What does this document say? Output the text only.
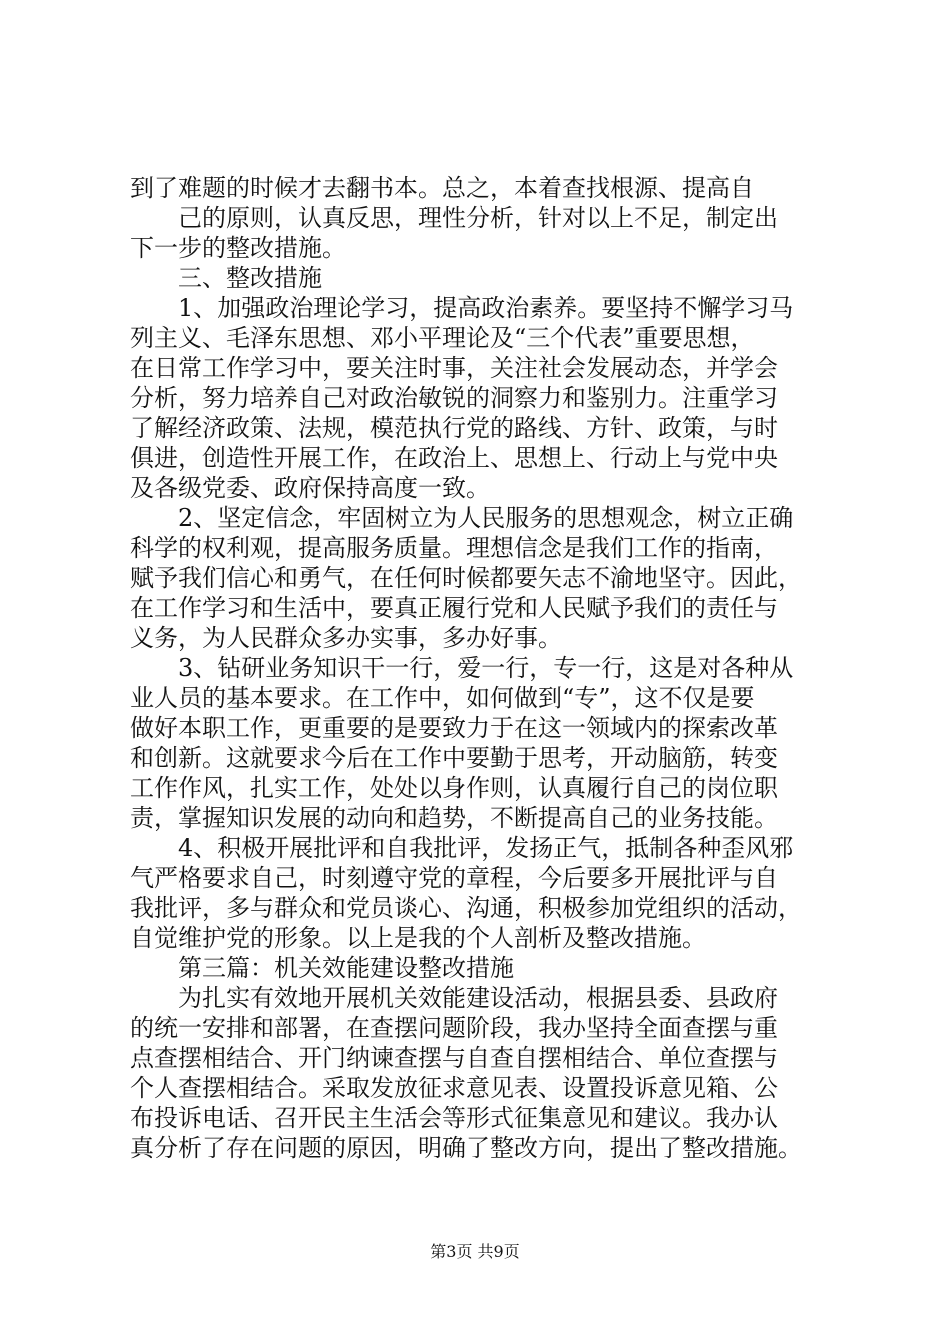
到了难题的时候才去翻书本。总之，本着查找根源、提高自
己的原则，认真反思，理性分析，针对以上不足，制定出
下一步的整改措施。
三、整改措施
1、加强政治理论学习，提高政治素养。要坚持不懈学习马
列主义、毛泽东思想、邓小平理论及“三个代表”重要思想，
在日常工作学习中，要关注时事，关注社会发展动态，并学会
分析，努力培养自己对政治敏锐的洞察力和鉴别力。注重学习
了解经济政策、法规，模范执行党的路线、方针、政策，与时
俱进，创造性开展工作，在政治上、思想上、行动上与党中央
及各级党委、政府保持高度一致。
2、坚定信念，牢固树立为人民服务的思想观念，树立正确
科学的权利观，提高服务质量。理想信念是我们工作的指南，
赋予我们信心和勇气，在任何时候都要矢志不渝地坚守。因此，
在工作学习和生活中，要真正履行党和人民赋予我们的责任与
义务，为人民群众多办实事，多办好事。
3、钻研业务知识干一行，爱一行，专一行，这是对各种从
业人员的基本要求。在工作中，如何做到“专”，这不仅是要
做好本职工作，更重要的是要致力于在这一领域内的探索改革
和创新。这就要求今后在工作中要勤于思考，开动脑筋，转变
工作作风，扎实工作，处处以身作则，认真履行自己的岗位职
责，掌握知识发展的动向和趋势，不断提高自己的业务技能。
4、积极开展批评和自我批评，发扬正气，抵制各种歪风邪
气严格要求自己，时刻遵守党的章程，今后要多开展批评与自
我批评，多与群众和党员谈心、沟通，积极参加党组织的活动，
自觉维护党的形象。以上是我的个人剖析及整改措施。
第三篇：机关效能建设整改措施
为扎实有效地开展机关效能建设活动，根据县委、县政府
的统一安排和部署，在查摆问题阶段，我办坚持全面查摆与重
点查摆相结合、开门纳谏查摆与自查自摆相结合、单位查摆与
个人查摆相结合。采取发放征求意见表、设置投诉意见箱、公
布投诉电话、召开民主生活会等形式征集意见和建议。我办认
真分析了存在问题的原因，明确了整改方向，提出了整改措施。
第3页 共9页
